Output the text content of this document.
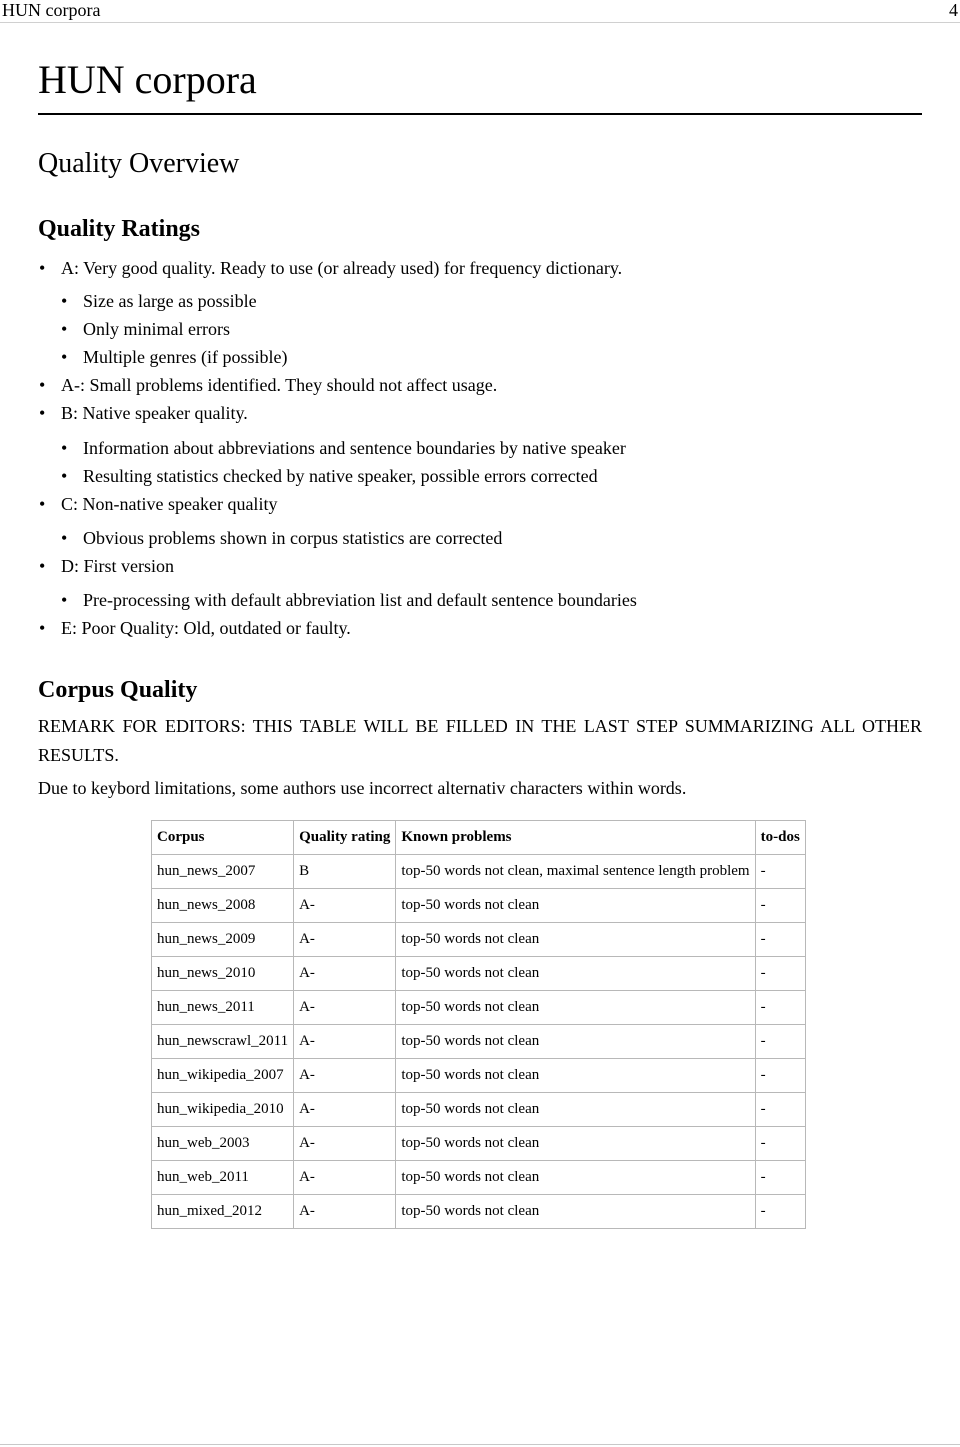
HUN corpora	4
HUN corpora
Quality Overview
Quality Ratings
• A: Very good quality. Ready to use (or already used) for frequency dictionary.
• Size as large as possible
• Only minimal errors
• Multiple genres (if possible)
• A-: Small problems identified. They should not affect usage.
• B: Native speaker quality.
• Information about abbreviations and sentence boundaries by native speaker
• Resulting statistics checked by native speaker, possible errors corrected
• C: Non-native speaker quality
• Obvious problems shown in corpus statistics are corrected
• D: First version
• Pre-processing with default abbreviation list and default sentence boundaries
• E: Poor Quality: Old, outdated or faulty.
Corpus Quality

REMARK FOR EDITORS: THIS TABLE WILL BE FILLED IN THE LAST STEP SUMMARIZING ALL OTHER RESULTS.

Due to keybord limitations, some authors use incorrect alternativ characters within words.

Corpus	Quality rating	Known problems	to-dos
hun_news_2007	B	top-50 words not clean, maximal sentence length problem	-
hun_news_2008	A-	top-50 words not clean	-
hun_news_2009	A-	top-50 words not clean	-
hun_news_2010	A-	top-50 words not clean	-
hun_news_2011	A-	top-50 words not clean	-
hun_newscrawl_2011	A-	top-50 words not clean	-
hun_wikipedia_2007	A-	top-50 words not clean	-
hun_wikipedia_2010	A-	top-50 words not clean	-
hun_web_2003	A-	top-50 words not clean	-
hun_web_2011	A-	top-50 words not clean	-
hun_mixed_2012	A-	top-50 words not clean	-
